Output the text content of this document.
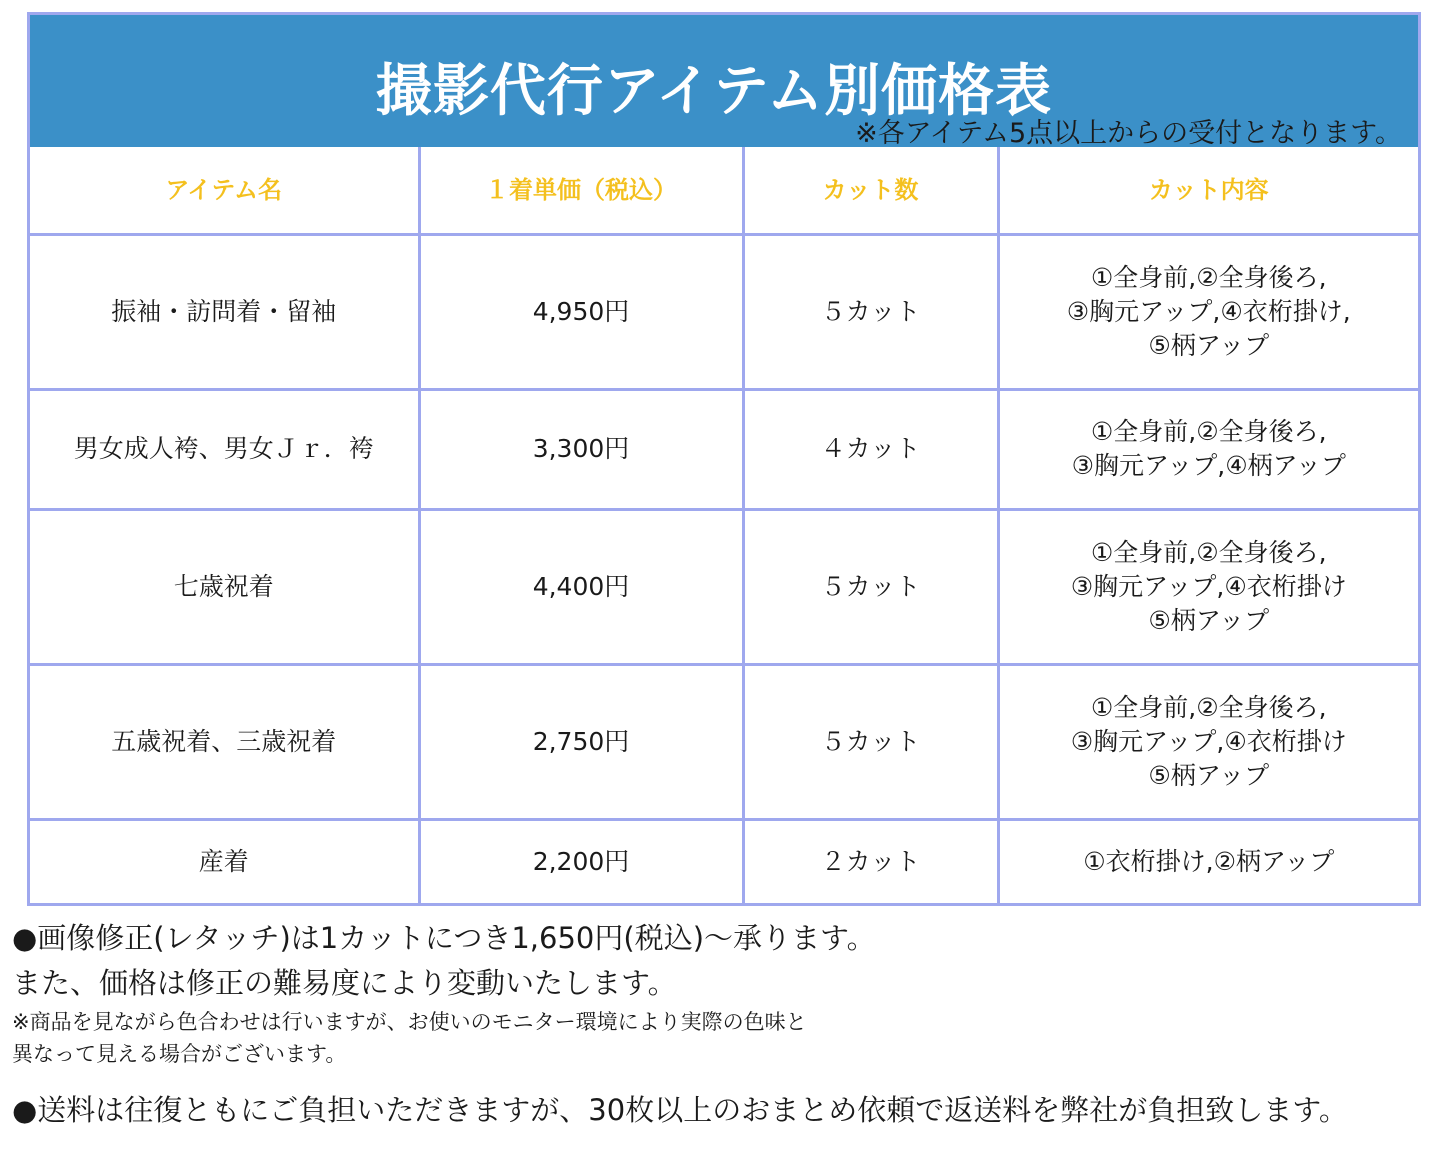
撮影代行アイテム別価格表
※各アイテム5点以上からの受付となります。
アイテム名	１着単価（税込）	カット数	カット内容
振袖・訪問着・留袖	4,950円	５カット	①全身前,②全身後ろ,
③胸元アップ,④衣桁掛け,
⑤柄アップ

男女成人袴、男女Ｊｒ．袴	3,300円	４カット	①全身前,②全身後ろ,
③胸元アップ,④柄アップ

七歳祝着	4,400円	５カット	①全身前,②全身後ろ,
③胸元アップ,④衣桁掛け
⑤柄アップ

五歳祝着、三歳祝着	2,750円	５カット	①全身前,②全身後ろ,
③胸元アップ,④衣桁掛け
⑤柄アップ

産着	2,200円	２カット	①衣桁掛け,②柄アップ
●画像修正(レタッチ)は1カットにつき1,650円(税込)〜承ります。
また、価格は修正の難易度により変動いたします。
※商品を見ながら色合わせは行いますが、お使いのモニター環境により実際の色味と
異なって見える場合がございます。
●送料は往復ともにご負担いただきますが、30枚以上のおまとめ依頼で返送料を弊社が負担致します。
